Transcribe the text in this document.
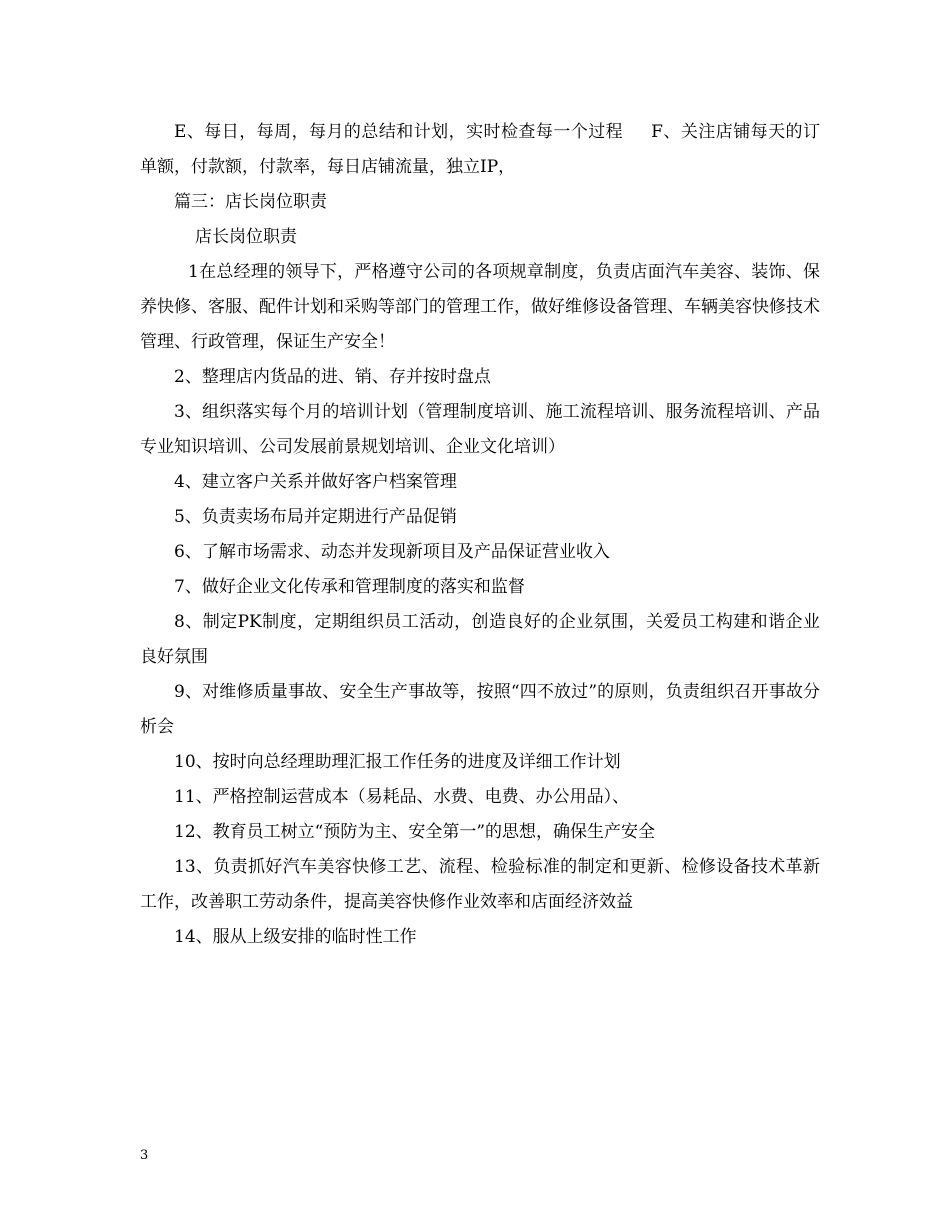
E、每日，每周，每月的总结和计划，实时检查每一个过程 F、关注店铺每天的订单额，付款额，付款率，每日店铺流量，独立IP，

篇三：店长岗位职责

店长岗位职责

1在总经理的领导下，严格遵守公司的各项规章制度，负责店面汽车美容、装饰、保养快修、客服、配件计划和采购等部门的管理工作，做好维修设备管理、车辆美容快修技术管理、行政管理，保证生产安全！

2、整理店内货品的进、销、存并按时盘点

3、组织落实每个月的培训计划（管理制度培训、施工流程培训、服务流程培训、产品专业知识培训、公司发展前景规划培训、企业文化培训）

4、建立客户关系并做好客户档案管理

5、负责卖场布局并定期进行产品促销

6、了解市场需求、动态并发现新项目及产品保证营业收入

7、做好企业文化传承和管理制度的落实和监督

8、制定PK制度，定期组织员工活动，创造良好的企业氛围，关爱员工构建和谐企业良好氛围

9、对维修质量事故、安全生产事故等，按照“四不放过”的原则，负责组织召开事故分析会

10、按时向总经理助理汇报工作任务的进度及详细工作计划

11、严格控制运营成本（易耗品、水费、电费、办公用品）、

12、教育员工树立“预防为主、安全第一”的思想，确保生产安全

13、负责抓好汽车美容快修工艺、流程、检验标准的制定和更新、检修设备技术革新工作，改善职工劳动条件，提高美容快修作业效率和店面经济效益

14、服从上级安排的临时性工作

3
